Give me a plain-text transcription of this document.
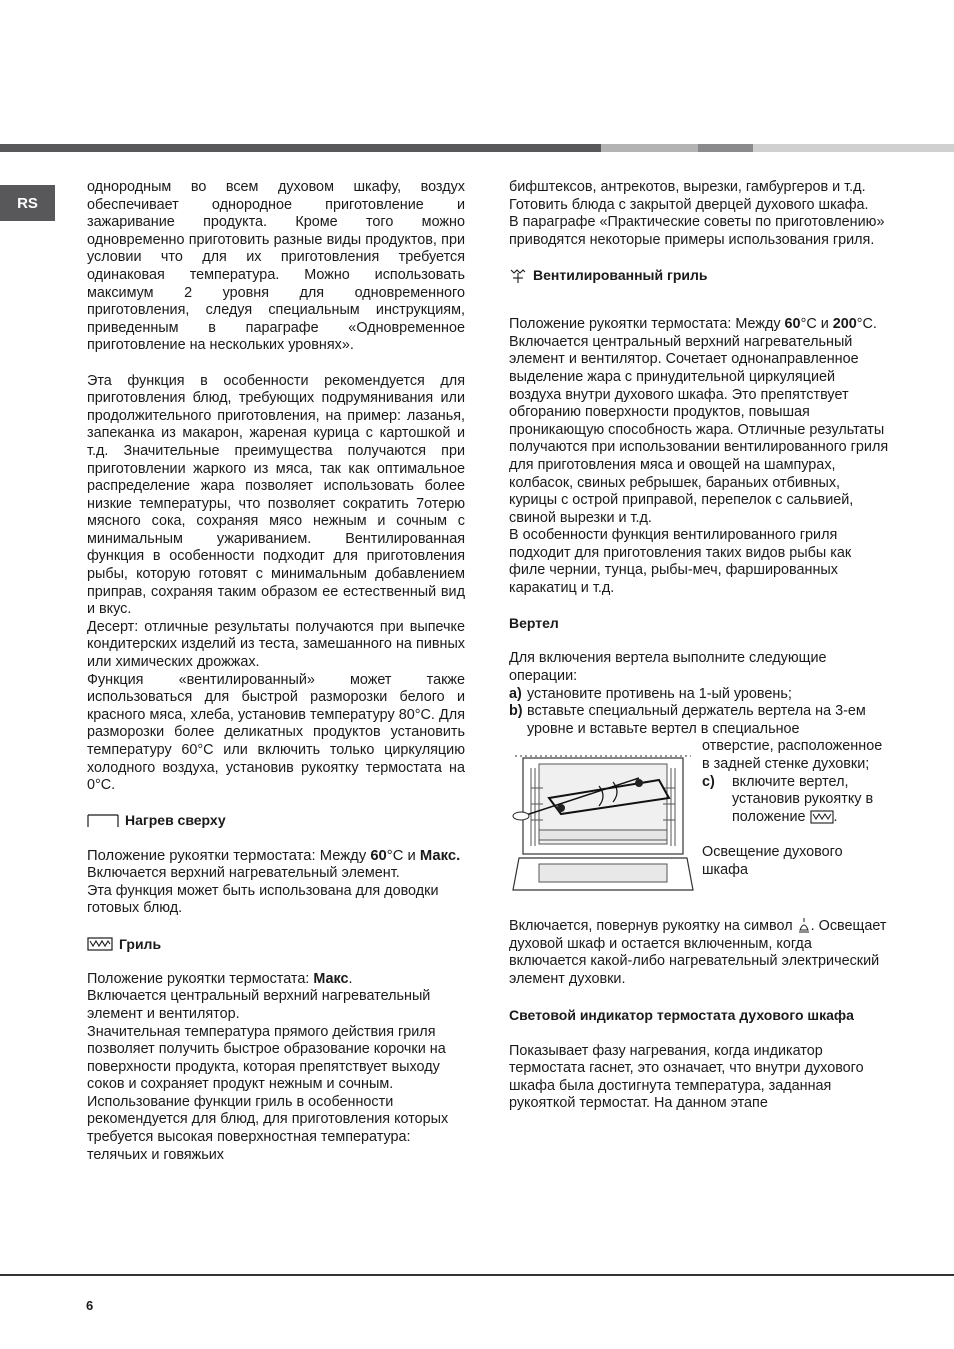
RS

однородным во всем духовом шкафу, воздух обеспечивает однородное приготовление и зажаривание продукта. Кроме того можно одновременно приготовить разные виды продуктов, при условии что для их приготовления требуется одинаковая температура. Можно использовать максимум 2 уровня для одновременного приготовления, следуя специальным инструкциям, приведенным в параграфе «Одновременное приготовление на нескольких уровнях».

Эта функция в особенности рекомендуется для приготовления блюд, требующих подрумянивания или продолжительного приготовления, на пример: лазанья, запеканка из макарон, жареная курица с картошкой и т.д. Значительные преимущества получаются при приготовлении жаркого из мяса, так как оптимальное распределение жара позволяет использовать более низкие температуры, что позволяет сократить 7отерю мясного сока, сохраняя мясо нежным и сочным с минимальным ужариванием. Вентилированная функция в особенности подходит для приготовления рыбы, которую готовят с минимальным добавлением приправ, сохраняя таким образом ее естественный вид и вкус.

Десерт: отличные результаты получаются при выпечке кондитерских изделий из теста, замешанного на пивных или химических дрожжах.

Функция «вентилированный» может также использоваться для быстрой разморозки белого и красного мяса, хлеба, установив температуру 80°С. Для разморозки более деликатных продуктов установить температуру 60°С или включить только циркуляцию холодного воздуха, установив рукоятку термостата на 0°С.

Нагрев сверху

Положение рукоятки термостата: Между 60°С и Макс.

Включается верхний нагревательный элемент.

Эта функция может быть использована для доводки готовых блюд.

Гриль

Положение рукоятки термостата: Макс.

Включается центральный верхний нагревательный элемент и вентилятор.

Значительная температура прямого действия гриля позволяет получить быстрое образование корочки на поверхности продукта, которая препятствует выходу соков и сохраняет продукт нежным и сочным. Использование функции гриль в особенности рекомендуется для блюд, для приготовления которых требуется высокая поверхностная температура: телячьих и говяжьих

бифштексов, антрекотов, вырезки, гамбургеров и т.д.

Готовить блюда с закрытой дверцей духового шкафа.

В параграфе «Практические советы по приготовлению» приводятся некоторые примеры использования гриля.

Вентилированный гриль

Положение рукоятки термостата: Между 60°С и 200°С.

Включается центральный верхний нагревательный элемент и вентилятор. Сочетает однонаправленное выделение жара с принудительной циркуляцией воздуха внутри духового шкафа. Это препятствует обгоранию поверхности продуктов, повышая проникающую способность жара. Отличные результаты получаются при использовании вентилированного гриля для приготовления мяса и овощей на шампурах, колбасок, свиных ребрышек, бараньих отбивных, курицы с острой приправой, перепелок с сальвией, свиной вырезки и т.д.

В особенности функция вентилированного гриля подходит для приготовления таких видов рыбы как филе чернии, тунца, рыбы-меч, фаршированных каракатиц и т.д.

Вертел

Для включения вертела выполните следующие операции:

a) установите противень на 1-ый уровень;
b) вставьте специальный держатель вертела на 3-ем уровне и вставьте вертел в специальное

отверстие, расположенное в задней стенке духовки;

c)	включите вертел, установив рукоятку в положение .

Освещение духового шкафа

Включается, повернув рукоятку на символ . Освещает духовой шкаф и остается включенным, когда включается какой-либо нагревательный электрический элемент духовки.

Световой индикатор термостата духового шкафа

Показывает фазу нагревания, когда индикатор термостата гаснет, это означает, что внутри духового шкафа была достигнута температура, заданная рукояткой термостат. На данном этапе

6
